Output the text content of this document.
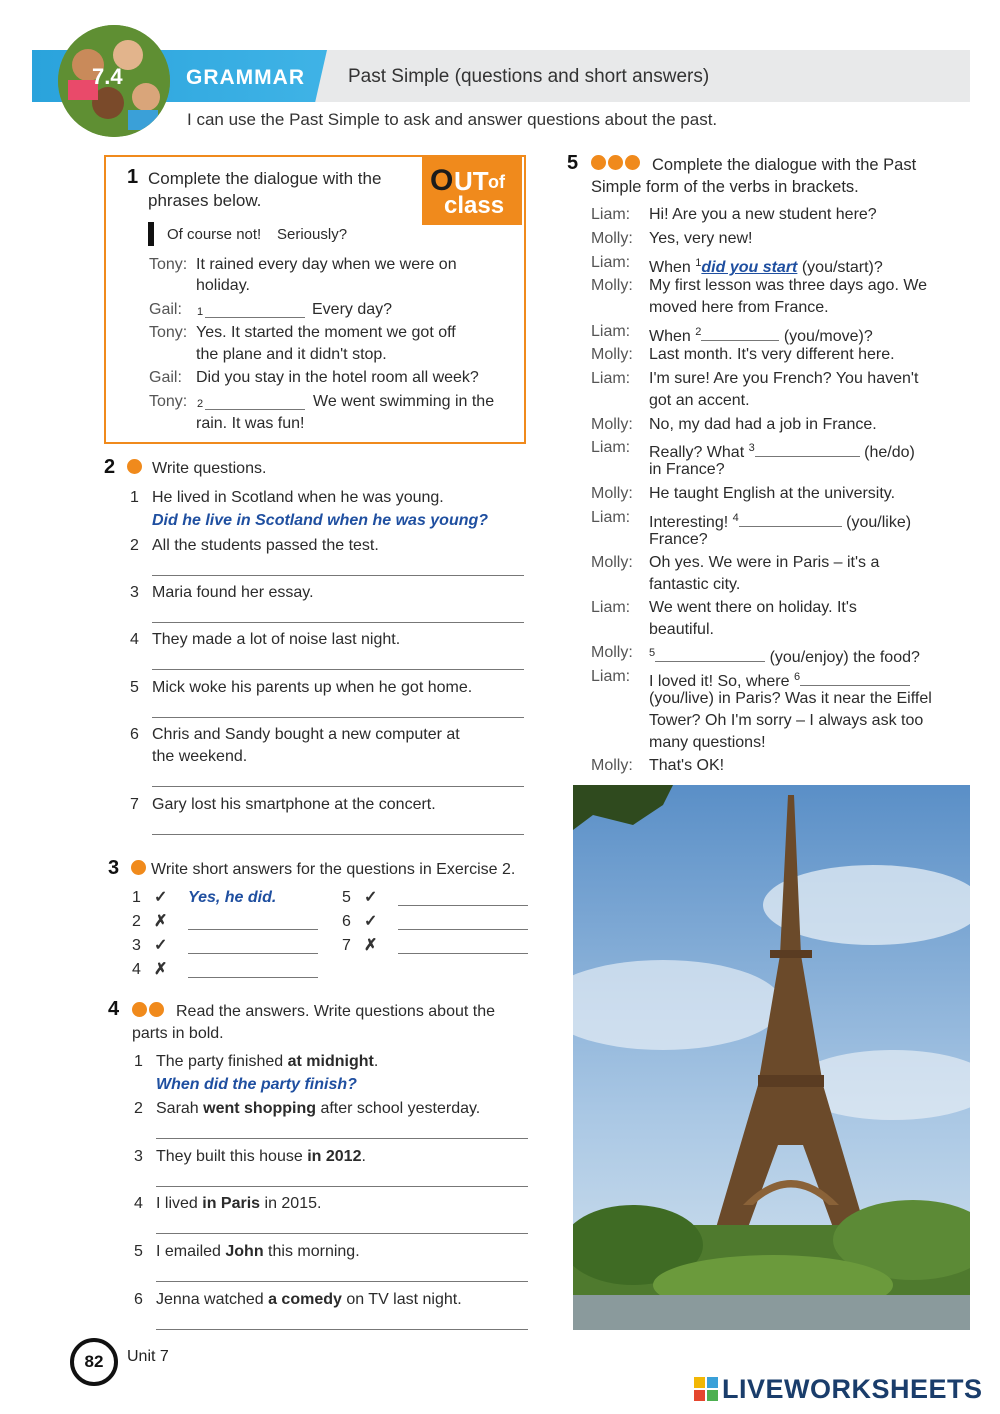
7.4	GRAMMAR Past Simple (questions and short answers)
I can use the Past Simple to ask and answer questions about the past.
O UT of
class
1 Complete the dialogue with the
phrases below.
Of course not! Seriously?
Tony: It rained every day when we were on
holiday.
Gail: 1	Every day?
Tony: Yes. It started the moment we got off
the plane and it didn't stop.
Gail: Did you stay in the hotel room all week?
Tony: 2	We went swimming in the
rain. It was fun!
2 Write questions.
1 He lived in Scotland when he was young.
Did he live in Scotland when he was young?
2 All the students passed the test.
3 Maria found her essay.
4 They made a lot of noise last night.
5 Mick woke his parents up when he got home.
6 Chris and Sandy bought a new computer at
the weekend.
7 Gary lost his smartphone at the concert.
3 Write short answers for the questions in Exercise 2.
1 ✓ Yes, he did.
2 ✗
3 ✓
4 ✗
5 ✓
6 ✓
7 ✗
4	Read the answers. Write questions about the
parts in bold.
1 The party finished at midnight.
When did the party finish?
2 Sarah went shopping after school yesterday.
3 They built this house in 2012.
4 I lived in Paris in 2015.
5 I emailed John this morning.
6 Jenna watched a comedy on TV last night.
5	Complete the dialogue with the Past
Simple form of the verbs in brackets.
Liam: Hi! Are you a new student here?
Molly: Yes, very new!
Liam: When $^1$did you start (you/start)?
Molly: My first lesson was three days ago. We
moved here from France.
Liam: When $^2$	(you/move)?
Molly: Last month. It's very different here.
Liam: I'm sure! Are you French? You haven't
got an accent.
Molly: No, my dad had a job in France.
Liam: Really? What $^3$	(he/do)
in France?
Molly: He taught English at the university.
Liam: Interesting! $^4$	(you/like)
France?
Molly: Oh yes. We were in Paris – it's a
fantastic city.
Liam: We went there on holiday. It's
beautiful.
Molly: $^5$	(you/enjoy) the food?
Liam: I loved it! So, where $^6$
(you/live) in Paris? Was it near the Eiffel
Tower? Oh I'm sorry – I always ask too
many questions!
Molly: That's OK!
82	Unit 7
LIVEWORKSHEETS
